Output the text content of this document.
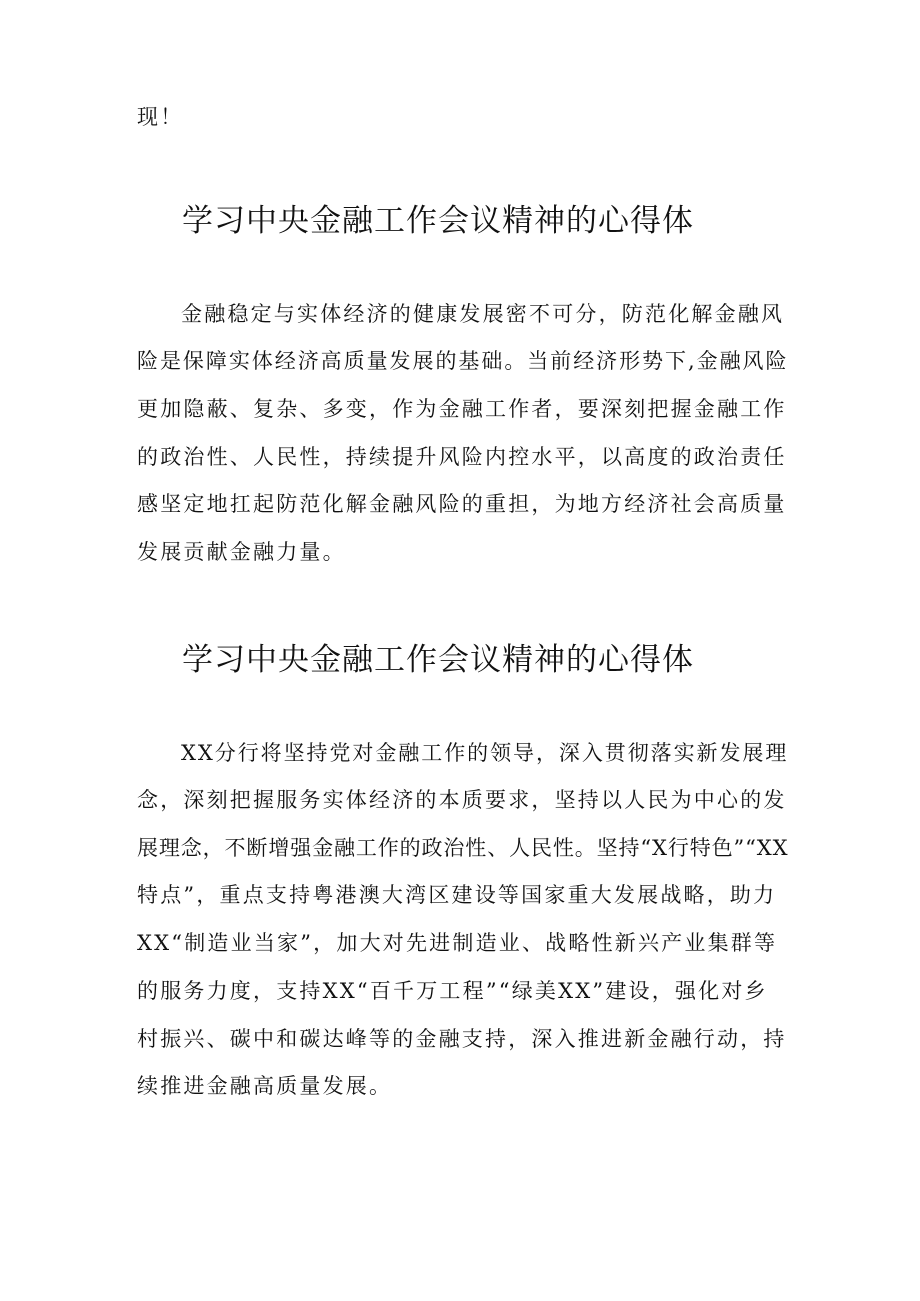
现！
学习中央金融工作会议精神的心得体
金融稳定与实体经济的健康发展密不可分，防范化解金融风
险是保障实体经济高质量发展的基础。当前经济形势下,金融风险
更加隐蔽、复杂、多变，作为金融工作者，要深刻把握金融工作
的政治性、人民性，持续提升风险内控水平，以高度的政治责任
感坚定地扛起防范化解金融风险的重担，为地方经济社会高质量
发展贡献金融力量。
学习中央金融工作会议精神的心得体
XX分行将坚持党对金融工作的领导，深入贯彻落实新发展理
念，深刻把握服务实体经济的本质要求，坚持以人民为中心的发
展理念，不断增强金融工作的政治性、人民性。坚持“X行特色”“XX
特点”，重点支持粤港澳大湾区建设等国家重大发展战略，助力
XX“制造业当家”，加大对先进制造业、战略性新兴产业集群等
的服务力度，支持XX“百千万工程”“绿美XX”建设，强化对乡
村振兴、碳中和碳达峰等的金融支持，深入推进新金融行动，持
续推进金融高质量发展。
